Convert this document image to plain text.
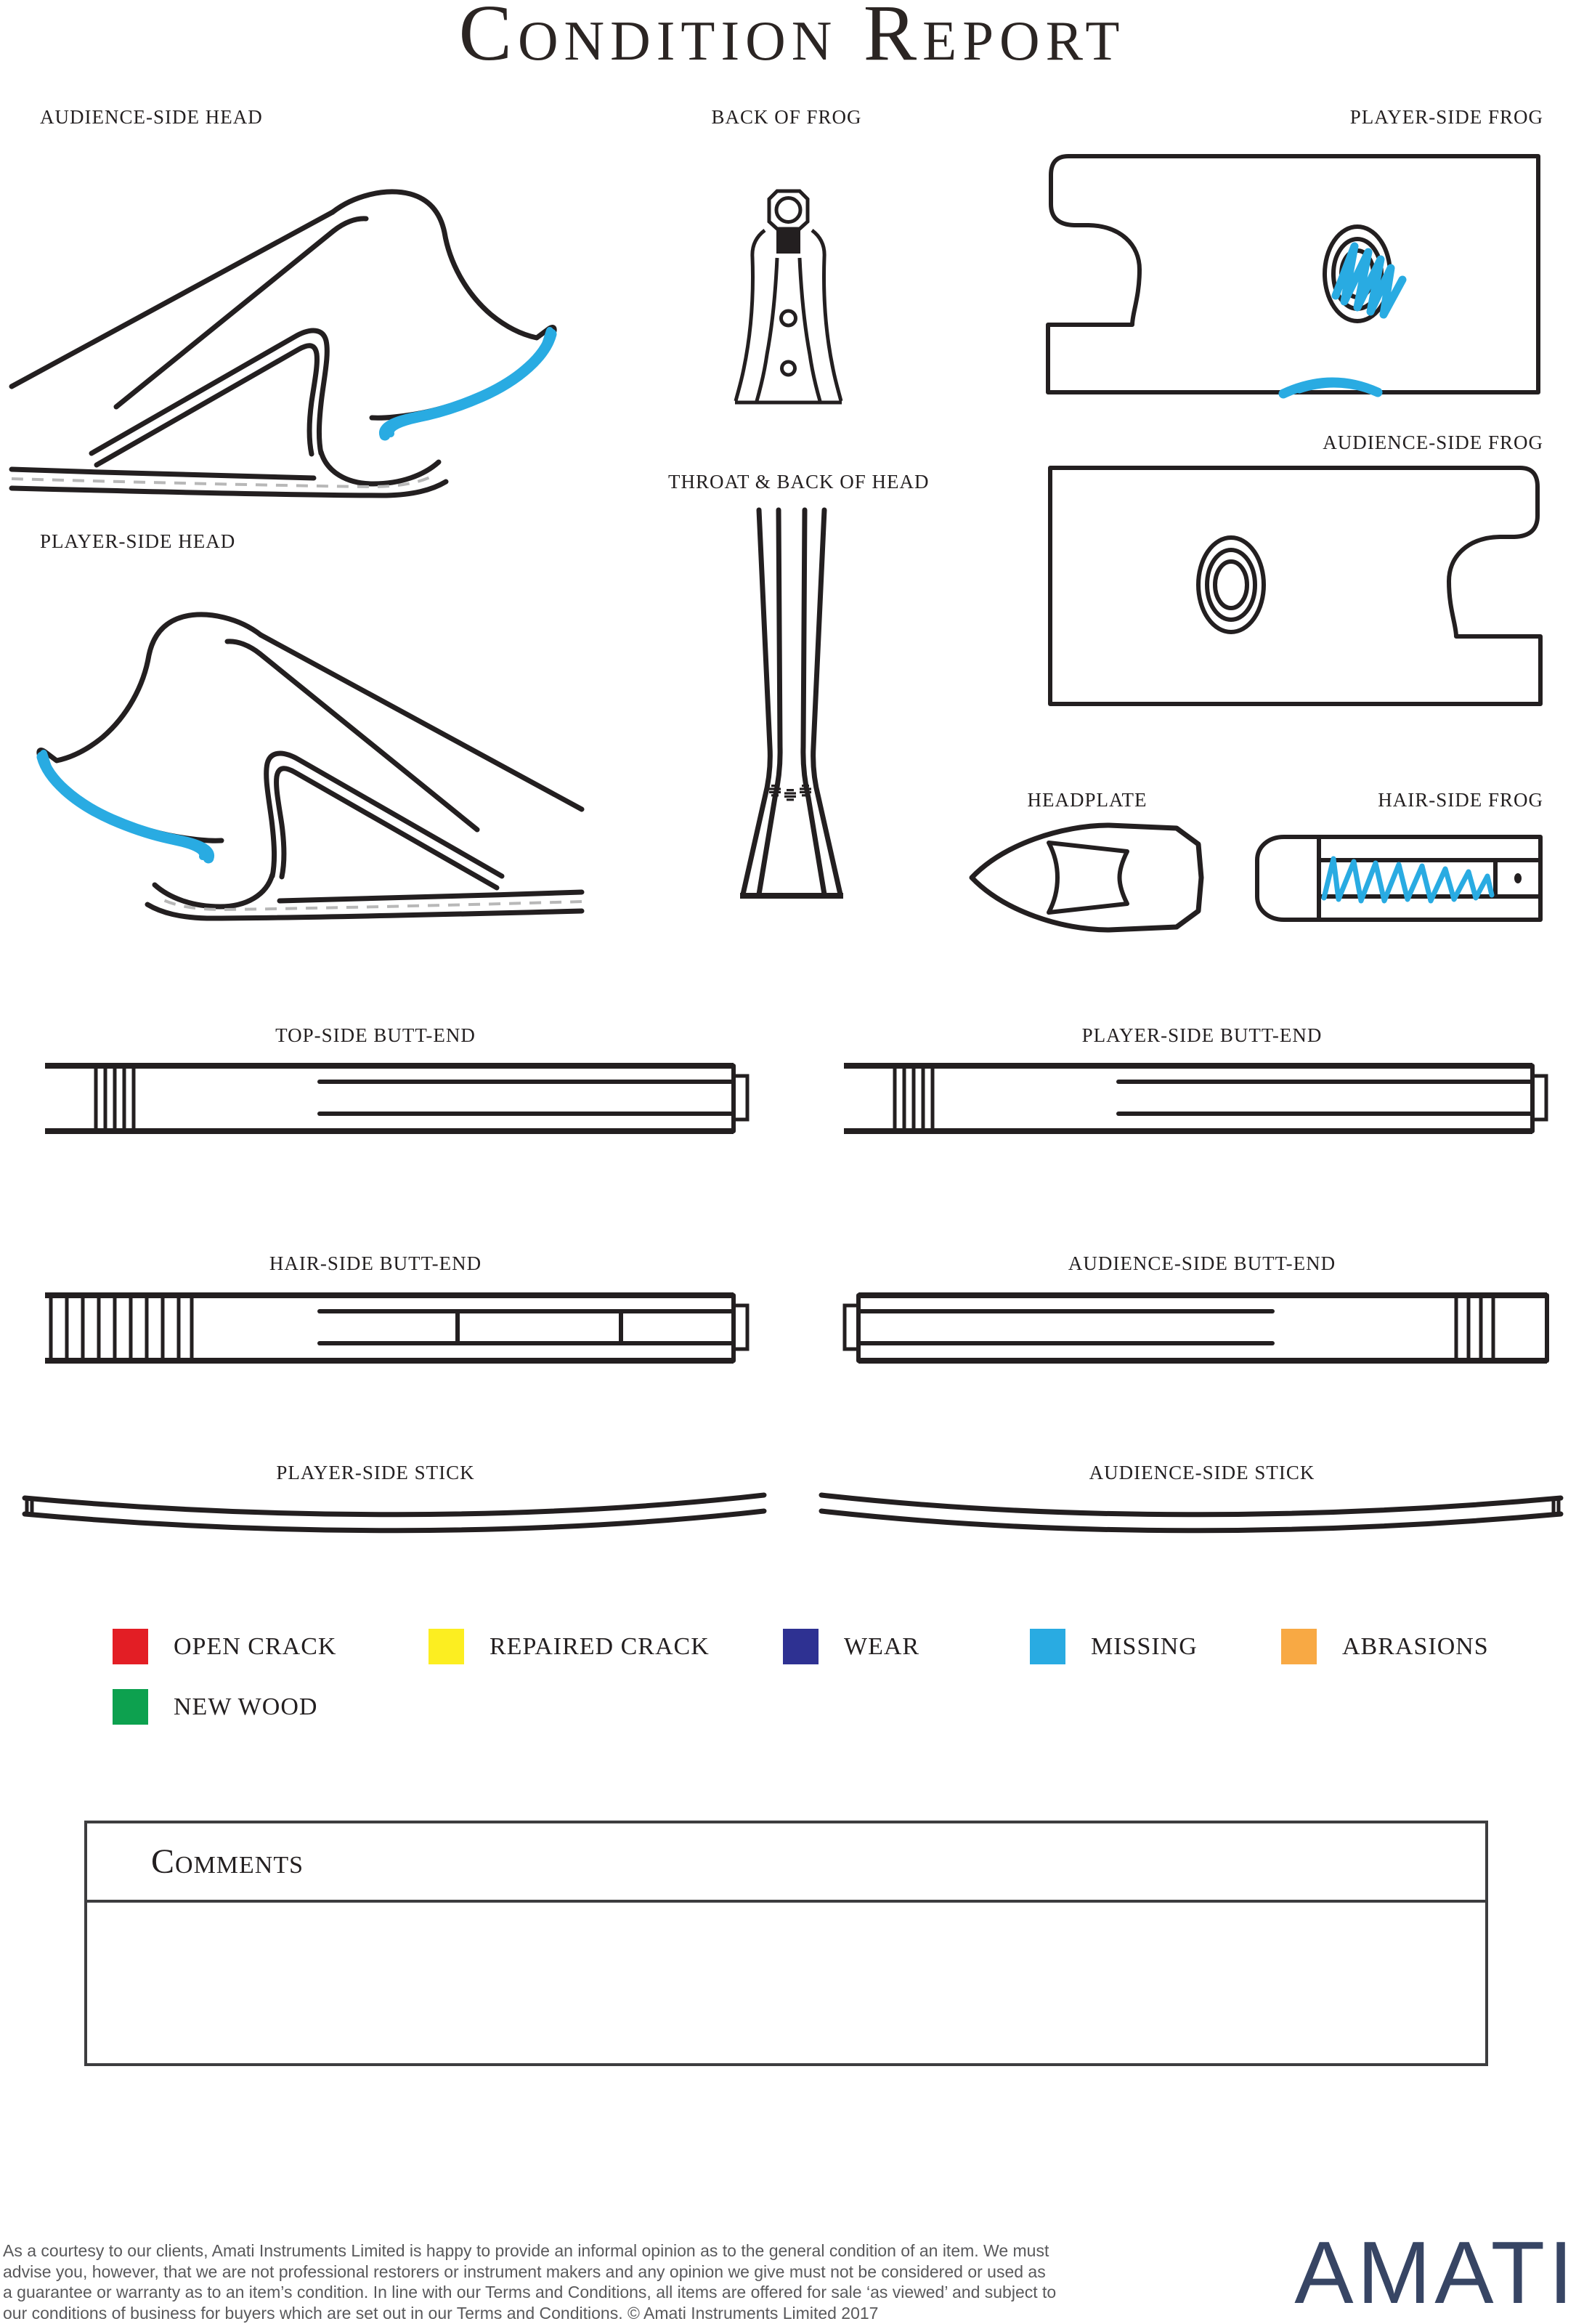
Condition Report
AUDIENCE-SIDE HEAD	BACK OF FROG	PLAYER-SIDE FROG
AUDIENCE-SIDE FROG
PLAYER-SIDE HEAD
THROAT & BACK OF HEAD
HEADPLATE	HAIR-SIDE FROG
TOP-SIDE BUTT-END	PLAYER-SIDE BUTT-END
HAIR-SIDE BUTT-END	AUDIENCE-SIDE BUTT-END
PLAYER-SIDE STICK	AUDIENCE-SIDE STICK
OPEN CRACK	REPAIRED CRACK	WEAR	MISSING	ABRASIONS
NEW WOOD
Comments
As a courtesy to our clients, Amati Instruments Limited is happy to provide an informal opinion as to the general condition of an item. We must
advise you, however, that we are not professional restorers or instrument makers and any opinion we give must not be considered or used as
a guarantee or warranty as to an item’s condition. In line with our Terms and Conditions, all items are offered for sale ‘as viewed’ and subject to
our conditions of business for buyers which are set out in our Terms and Conditions. © Amati Instruments Limited 2017	AMATI
